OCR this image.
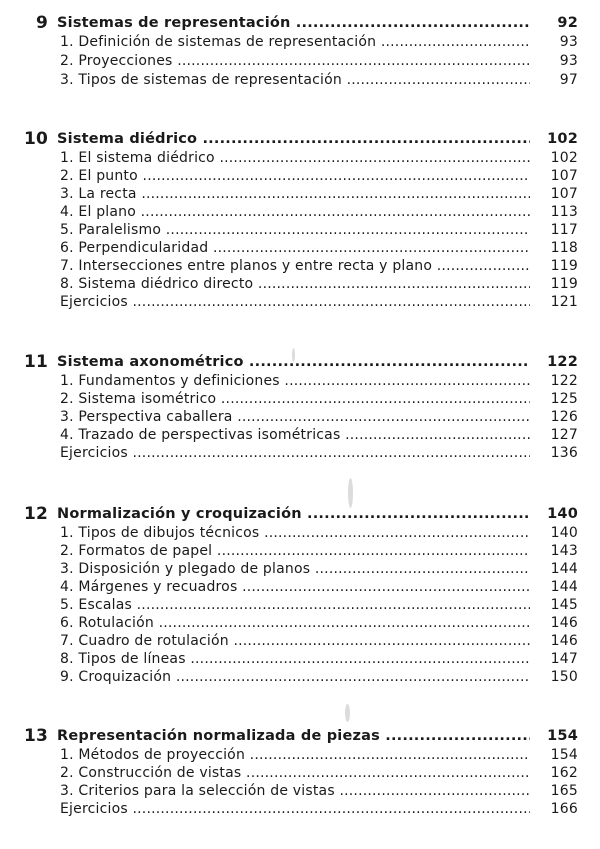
9 Sistemas de representación .....	92
1. Definición de sistemas de representación .....	93
2. Proyecciones .....	93
3. Tipos de sistemas de representación .....	97
10 Sistema diédrico .....	102
1. El sistema diédrico .....	102
2. El punto .....	107
3. La recta .....	107
4. El plano .....	113
5. Paralelismo .....	117
6. Perpendicularidad .....	118
7. Intersecciones entre planos y entre recta y plano .....	119
8. Sistema diédrico directo .....	119
Ejercicios .....	121
11 Sistema axonométrico .....	122
1. Fundamentos y definiciones .....	122
2. Sistema isométrico .....	125
3. Perspectiva caballera .....	126
4. Trazado de perspectivas isométricas .....	127
Ejercicios .....	136
12 Normalización y croquización .....	140
1. Tipos de dibujos técnicos .....	140
2. Formatos de papel .....	143
3. Disposición y plegado de planos .....	144
4. Márgenes y recuadros .....	144
5. Escalas .....	145
6. Rotulación .....	146
7. Cuadro de rotulación .....	146
8. Tipos de líneas .....	147
9. Croquización .....	150
13 Representación normalizada de piezas .....	154
1. Métodos de proyección .....	154
2. Construcción de vistas .....	162
3. Criterios para la selección de vistas .....	165
Ejercicios .....	166
